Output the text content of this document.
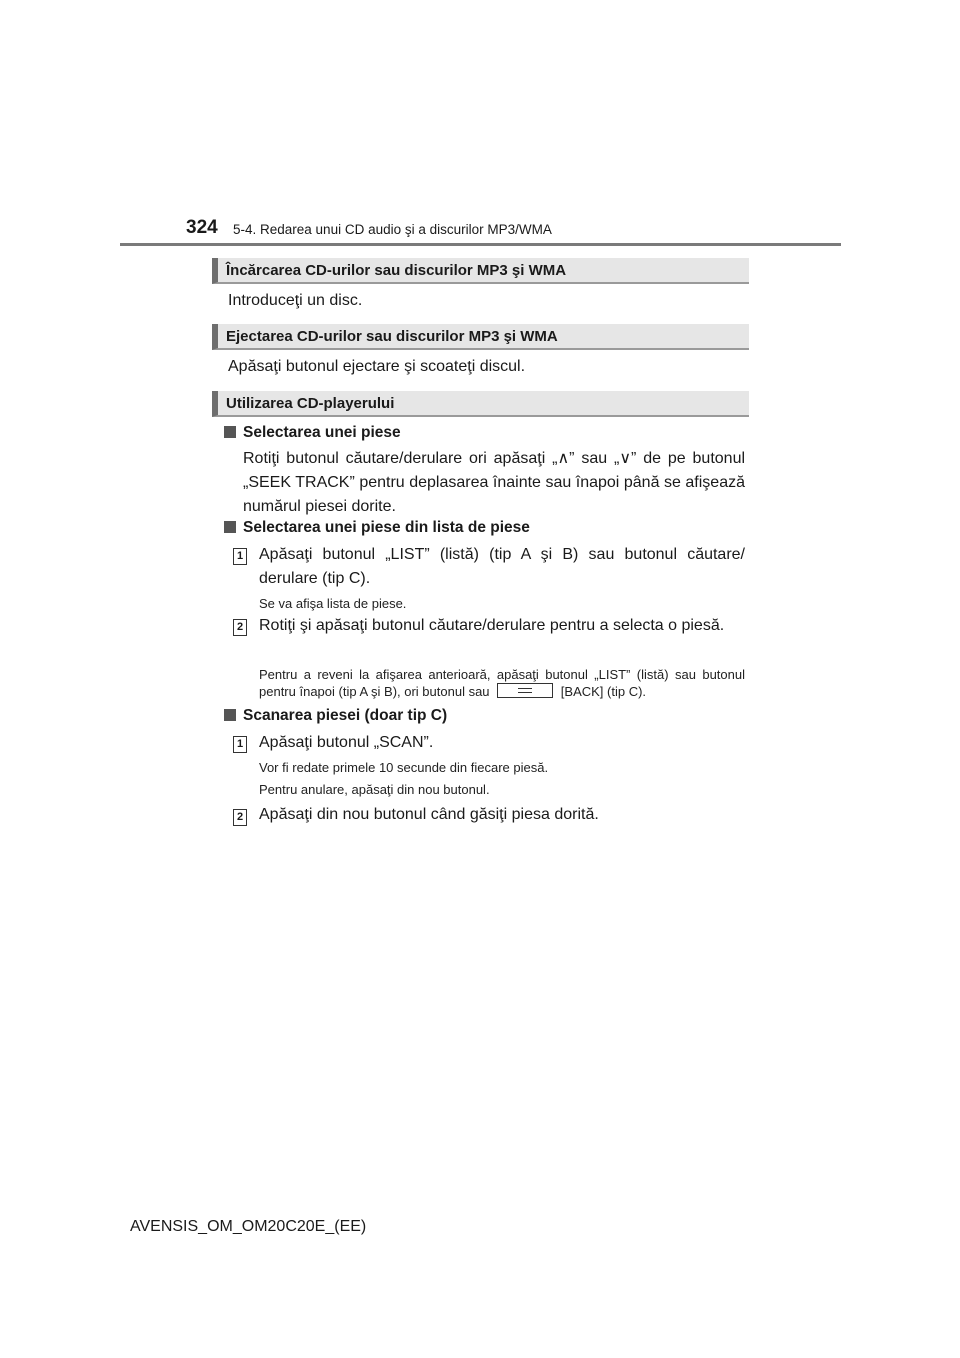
324 5-4. Redarea unui CD audio şi a discurilor MP3/WMA
Încărcarea CD-urilor sau discurilor MP3 şi WMA
Introduceţi un disc.
Ejectarea CD-urilor sau discurilor MP3 şi WMA
Apăsaţi butonul ejectare şi scoateţi discul.
Utilizarea CD-playerului
Selectarea unei piese
Rotiţi butonul căutare/derulare ori apăsaţi „∧” sau „∨” de pe butonul „SEEK TRACK” pentru deplasarea înainte sau înapoi până se afişează numărul piesei dorite.
Selectarea unei piese din lista de piese
1 Apăsaţi butonul „LIST” (listă) (tip A şi B) sau butonul căutare/ derulare (tip C).
Se va afişa lista de piese.
2 Rotiţi şi apăsaţi butonul căutare/derulare pentru a selecta o piesă.
Pentru a reveni la afişarea anterioară, apăsaţi butonul „LIST” (listă) sau butonul pentru înapoi (tip A şi B), ori butonul sau	[BACK] (tip C).
Scanarea piesei (doar tip C)
1 Apăsaţi butonul „SCAN”.
Vor fi redate primele 10 secunde din fiecare piesă.
Pentru anulare, apăsaţi din nou butonul.
2 Apăsaţi din nou butonul când găsiţi piesa dorită.
AVENSIS_OM_OM20C20E_(EE)
